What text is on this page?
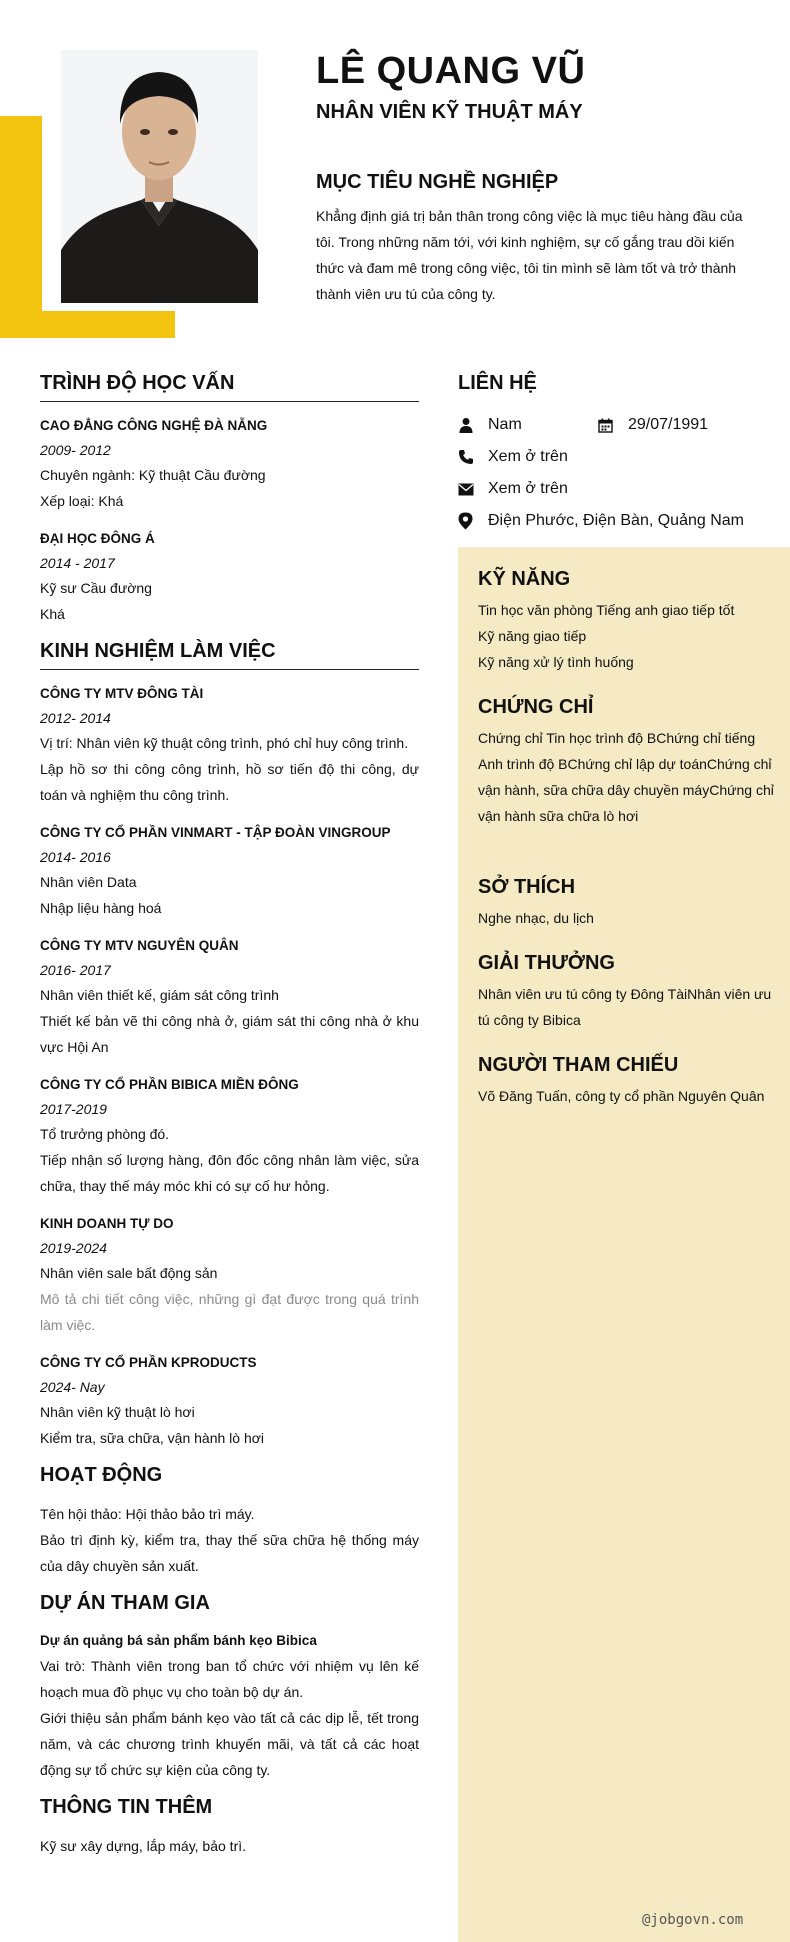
LÊ QUANG VŨ
NHÂN VIÊN KỸ THUẬT MÁY
MỤC TIÊU NGHỀ NGHIỆP
Khẳng định giá trị bản thân trong công việc là mục tiêu hàng đầu của tôi. Trong những năm tới, với kinh nghiệm, sự cố gắng trau dồi kiến thức và đam mê trong công việc, tôi tin mình sẽ làm tốt và trở thành thành viên ưu tú của công ty.
TRÌNH ĐỘ HỌC VẤN
CAO ĐẲNG CÔNG NGHỆ ĐÀ NẴNG
2009- 2012
Chuyên ngành: Kỹ thuật Cầu đường
Xếp loại: Khá
ĐẠI HỌC ĐÔNG Á
2014 - 2017
Kỹ sư Cầu đường
Khá
KINH NGHIỆM LÀM VIỆC
CÔNG TY MTV ĐÔNG TÀI
2012- 2014
Vị trí: Nhân viên kỹ thuật công trình, phó chỉ huy công trình.
Lập hồ sơ thi công công trình, hồ sơ tiến độ thi công, dự toán và nghiệm thu công trình.
CÔNG TY CỔ PHẦN VINMART - TẬP ĐOÀN VINGROUP
2014- 2016
Nhân viên Data
Nhập liệu hàng hoá
CÔNG TY MTV NGUYÊN QUÂN
2016- 2017
Nhân viên thiết kế, giám sát công trình
Thiết kế bản vẽ thi công nhà ở, giám sát thi công nhà ở khu vực Hội An
CÔNG TY CỔ PHẦN BIBICA MIỀN ĐÔNG
2017-2019
Tổ trưởng phòng đó.
Tiếp nhận số lượng hàng, đôn đốc công nhân làm việc, sửa chữa, thay thế máy móc khi có sự cố hư hỏng.
KINH DOANH TỰ DO
2019-2024
Nhân viên sale bất động sản
Mô tả chi tiết công việc, những gì đạt được trong quá trình làm việc.
CÔNG TY CỔ PHẦN KPRODUCTS
2024- Nay
Nhân viên kỹ thuật lò hơi
Kiểm tra, sữa chữa, vận hành lò hơi
HOẠT ĐỘNG
Tên hội thảo: Hội thảo bảo trì máy.
Bảo trì định kỳ, kiểm tra, thay thế sữa chữa hệ thống máy của dây chuyền sản xuất.
DỰ ÁN THAM GIA
Dự án quảng bá sản phẩm bánh kẹo Bibica
Vai trò: Thành viên trong ban tổ chức với nhiệm vụ lên kế hoạch mua đồ phục vụ cho toàn bộ dự án.
Giới thiệu sản phẩm bánh kẹo vào tất cả các dịp lễ, tết trong năm, và các chương trình khuyến mãi, và tất cả các hoạt động sự tổ chức sự kiện của công ty.
THÔNG TIN THÊM
Kỹ sư xây dựng, lắp máy, bảo trì.
LIÊN HỆ
Nam	29/07/1991
Xem ở trên
Xem ở trên
Điện Phước, Điện Bàn, Quảng Nam
KỸ NĂNG
Tin học văn phòng Tiếng anh giao tiếp tốt
Kỹ năng giao tiếp
Kỹ năng xử lý tình huống
CHỨNG CHỈ
Chứng chỉ Tin học trình độ BChứng chỉ tiếng Anh trình độ BChứng chỉ lập dự toánChứng chỉ vận hành, sữa chữa dây chuyền máyChứng chỉ vận hành sữa chữa lò hơi
SỞ THÍCH
Nghe nhạc, du lịch
GIẢI THƯỞNG
Nhân viên ưu tú công ty Đông TàiNhân viên ưu tú công ty Bibica
NGƯỜI THAM CHIẾU
Võ Đăng Tuấn, công ty cổ phần Nguyên Quân
@jobgovn.com
